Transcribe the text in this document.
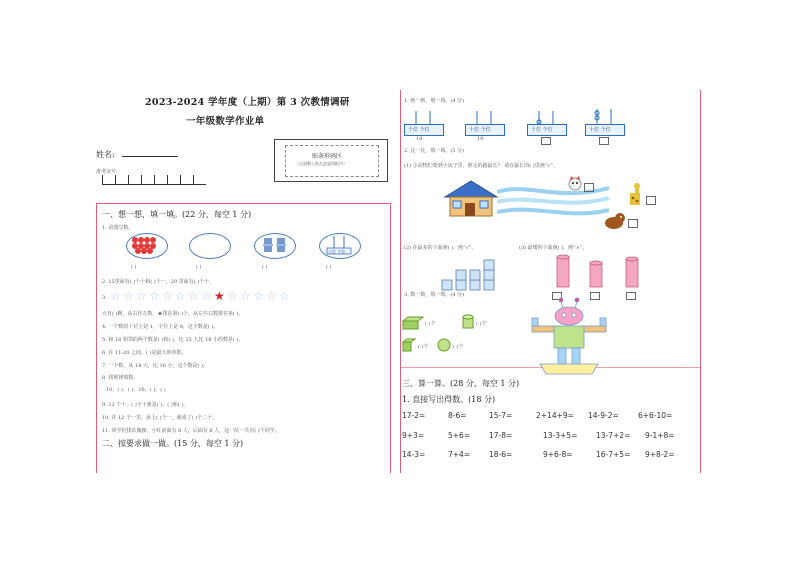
2023-2024 学年度（上期）第 3 次教情调研
一年级数学作业单
姓名:
准考证号:
贴条形码区
（正面朝上贴在此虚线框内）
一、想一想，填一填。(22 分，每空 1 分)
1. 看图写数。
十位 个位
( )	( )	( )	( )
2. 15里面有( )个十和( )个一，20 里面有( )个十。
3. ☆ ☆ ☆ ☆ ☆ ☆ ☆ ☆ ★ ☆ ☆ ☆ ☆ ☆
☆有( )颗，从右往左数，★排在第( )个，从左往右数排在第( )。
4. 一个数的十位上是 1，个位上是 8，这个数是( )。
5. 和 18 相邻的两个数是( )和( )。比 15 大比 18 小的数是( )。
6. 在 11-20 之间，( )是最大的单数。
7. 一个数，从 14 大，比 16 小，这个数是( )。
8. 找规律填数。
10、( )、( )、16、( )、( )
9. 12 个十，( )个十就是( )，( )和( )。
10. 在 12 个一里，添上( )个一，就成了( )个二十。
11. 同学们排队做操，小红前面有 8 人，后面有 6 人，这一队一共有( )个同学。
二、按要求做一做。(15 分，每空 1 分)
1. 画一画，填一填。(4 分)
十位 个位
14
十位 个位
19
十位 个位	十位 个位
2. 比一比，填一填。(5 分)
(1) 小动物们要到小房子里，谁走的路最长？ 请在最长的( )里画“√”。
(2) 在最多的下面画( )，画“√”。	(3) 最矮的下面画( )，画“×”。
3. 数一数，填一填。(4 分)
( )个	( )个
( )个	( )个
三、算一算。(28 分，每空 1 分)
1. 直接写出得数。(18 分)
17-2=	8-6=	15-7=	2+14+9= 14-9-2=	6+6-10=
9+3=	5+6=	17-8=	13-3+5= 13-7+2= 9-1+8=
14-3=	7+4=	18-6=	9+6-8=	16-7+5= 9+8-2=
